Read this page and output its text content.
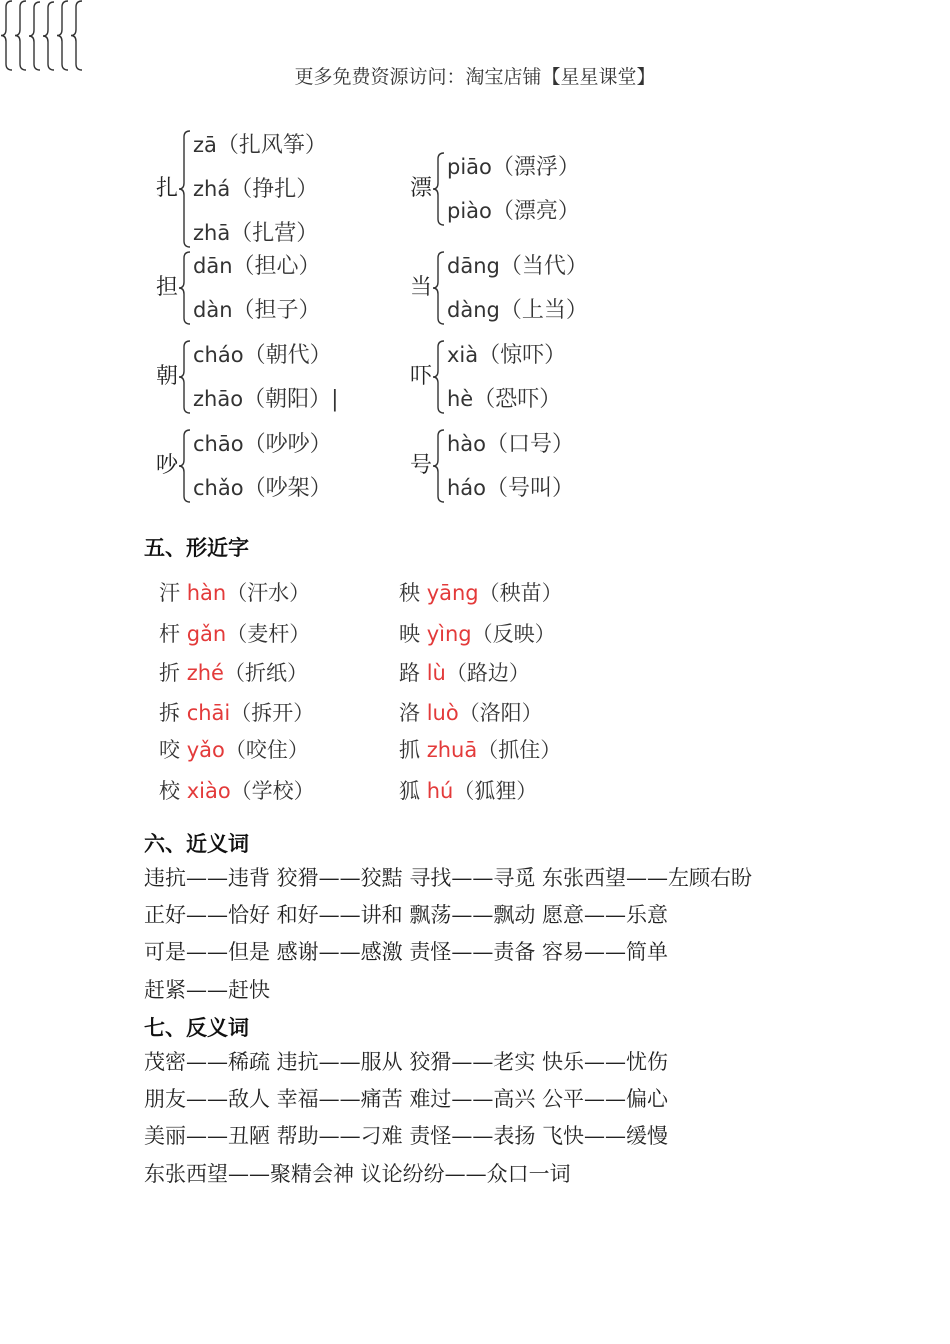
更多免费资源访问：淘宝店铺【星星课堂】
扎
zā（扎风筝）
zhá（挣扎）
zhā（扎营）
漂
piāo（漂浮）
piào（漂亮）
担
dān（担心）
dàn（担子）
当
dāng（当代）
dàng（上当）
朝
cháo（朝代）
zhāo（朝阳）|
吓
xià（惊吓）
hè（恐吓）
吵
chāo（吵吵）
chǎo（吵架）
号
hào（口号）
háo（号叫）
五、形近字
汗 hàn（汗水）
杆 gǎn（麦杆）
秧 yāng（秧苗）
映 yìng（反映）
折 zhé（折纸）
拆 chāi（拆开）
路 lù（路边）
洛 luò（洛阳）
咬 yǎo（咬住）
校 xiào（学校）
抓 zhuā（抓住）
狐 hú（狐狸）
六、近义词
违抗——违背 狡猾——狡黠 寻找——寻觅 东张西望——左顾右盼
正好——恰好 和好——讲和 飘荡——飘动 愿意——乐意
可是——但是 感谢——感激 责怪——责备 容易——简单
赶紧——赶快
七、反义词
茂密——稀疏 违抗——服从 狡猾——老实 快乐——忧伤
朋友——敌人 幸福——痛苦 难过——高兴 公平——偏心
美丽——丑陋 帮助——刁难 责怪——表扬 飞快——缓慢
东张西望——聚精会神 议论纷纷——众口一词
